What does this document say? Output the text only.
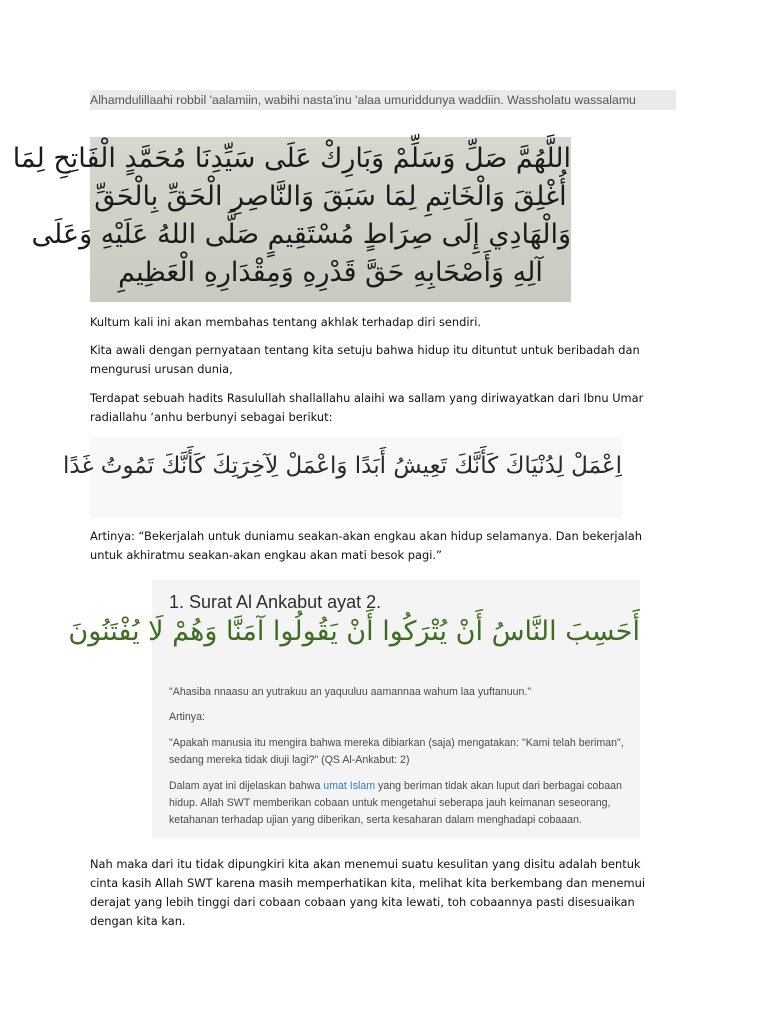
Alhamdulillaahi robbil 'aalamiin, wabihi nasta'inu 'alaa umuriddunya waddiin. Wassholatu wassalamu
اللَّهُمَّ صَلِّ وَسَلِّمْ وَبَارِكْ عَلَى سَيِّدِنَا مُحَمَّدٍ الْفَاتِحِ لِمَا
أُغْلِقَ وَالْخَاتِمِ لِمَا سَبَقَ وَالنَّاصِرِ الْحَقِّ بِالْحَقِّ
وَالْهَادِي إِلَى صِرَاطٍ مُسْتَقِيمٍ صَلَّى اللهُ عَلَيْهِ وَعَلَى
آلِهِ وَأَصْحَابِهِ حَقَّ قَدْرِهِ وَمِقْدَارِهِ الْعَظِيمِ
Kultum kali ini akan membahas tentang akhlak terhadap diri sendiri.
Kita awali dengan pernyataan tentang kita setuju bahwa hidup itu dituntut untuk beribadah dan mengurusi urusan dunia,
Terdapat sebuah hadits Rasulullah shallallahu alaihi wa sallam yang diriwayatkan dari Ibnu Umar radiallahu ‘anhu berbunyi sebagai berikut:
اِعْمَلْ لِدُنْيَاكَ كَأَنَّكَ تَعِيشُ أَبَدًا وَاعْمَلْ لِآخِرَتِكَ كَأَنَّكَ تَمُوتُ غَدًا
Artinya: “Bekerjalah untuk duniamu seakan-akan engkau akan hidup selamanya. Dan bekerjalah untuk akhiratmu seakan-akan engkau akan mati besok pagi.”
1. Surat Al Ankabut ayat 2.
أَحَسِبَ النَّاسُ أَنْ يُتْرَكُوا أَنْ يَقُولُوا آمَنَّا وَهُمْ لَا يُفْتَنُونَ
"Ahasiba nnaasu an yutrakuu an yaquuluu aamannaa wahum laa yuftanuun."
Artinya:
"Apakah manusia itu mengira bahwa mereka dibiarkan (saja) mengatakan: "Kami telah beriman", sedang mereka tidak diuji lagi?" (QS Al-Ankabut: 2)
Dalam ayat ini dijelaskan bahwa umat Islam yang beriman tidak akan luput dari berbagai cobaan hidup. Allah SWT memberikan cobaan untuk mengetahui seberapa jauh keimanan seseorang, ketahanan terhadap ujian yang diberikan, serta kesaharan dalam menghadapi cobaaan.
Nah maka dari itu tidak dipungkiri kita akan menemui suatu kesulitan yang disitu adalah bentuk cinta kasih Allah SWT karena masih memperhatikan kita, melihat kita berkembang dan menemui derajat yang lebih tinggi dari cobaan cobaan yang kita lewati, toh cobaannya pasti disesuaikan dengan kita kan.
